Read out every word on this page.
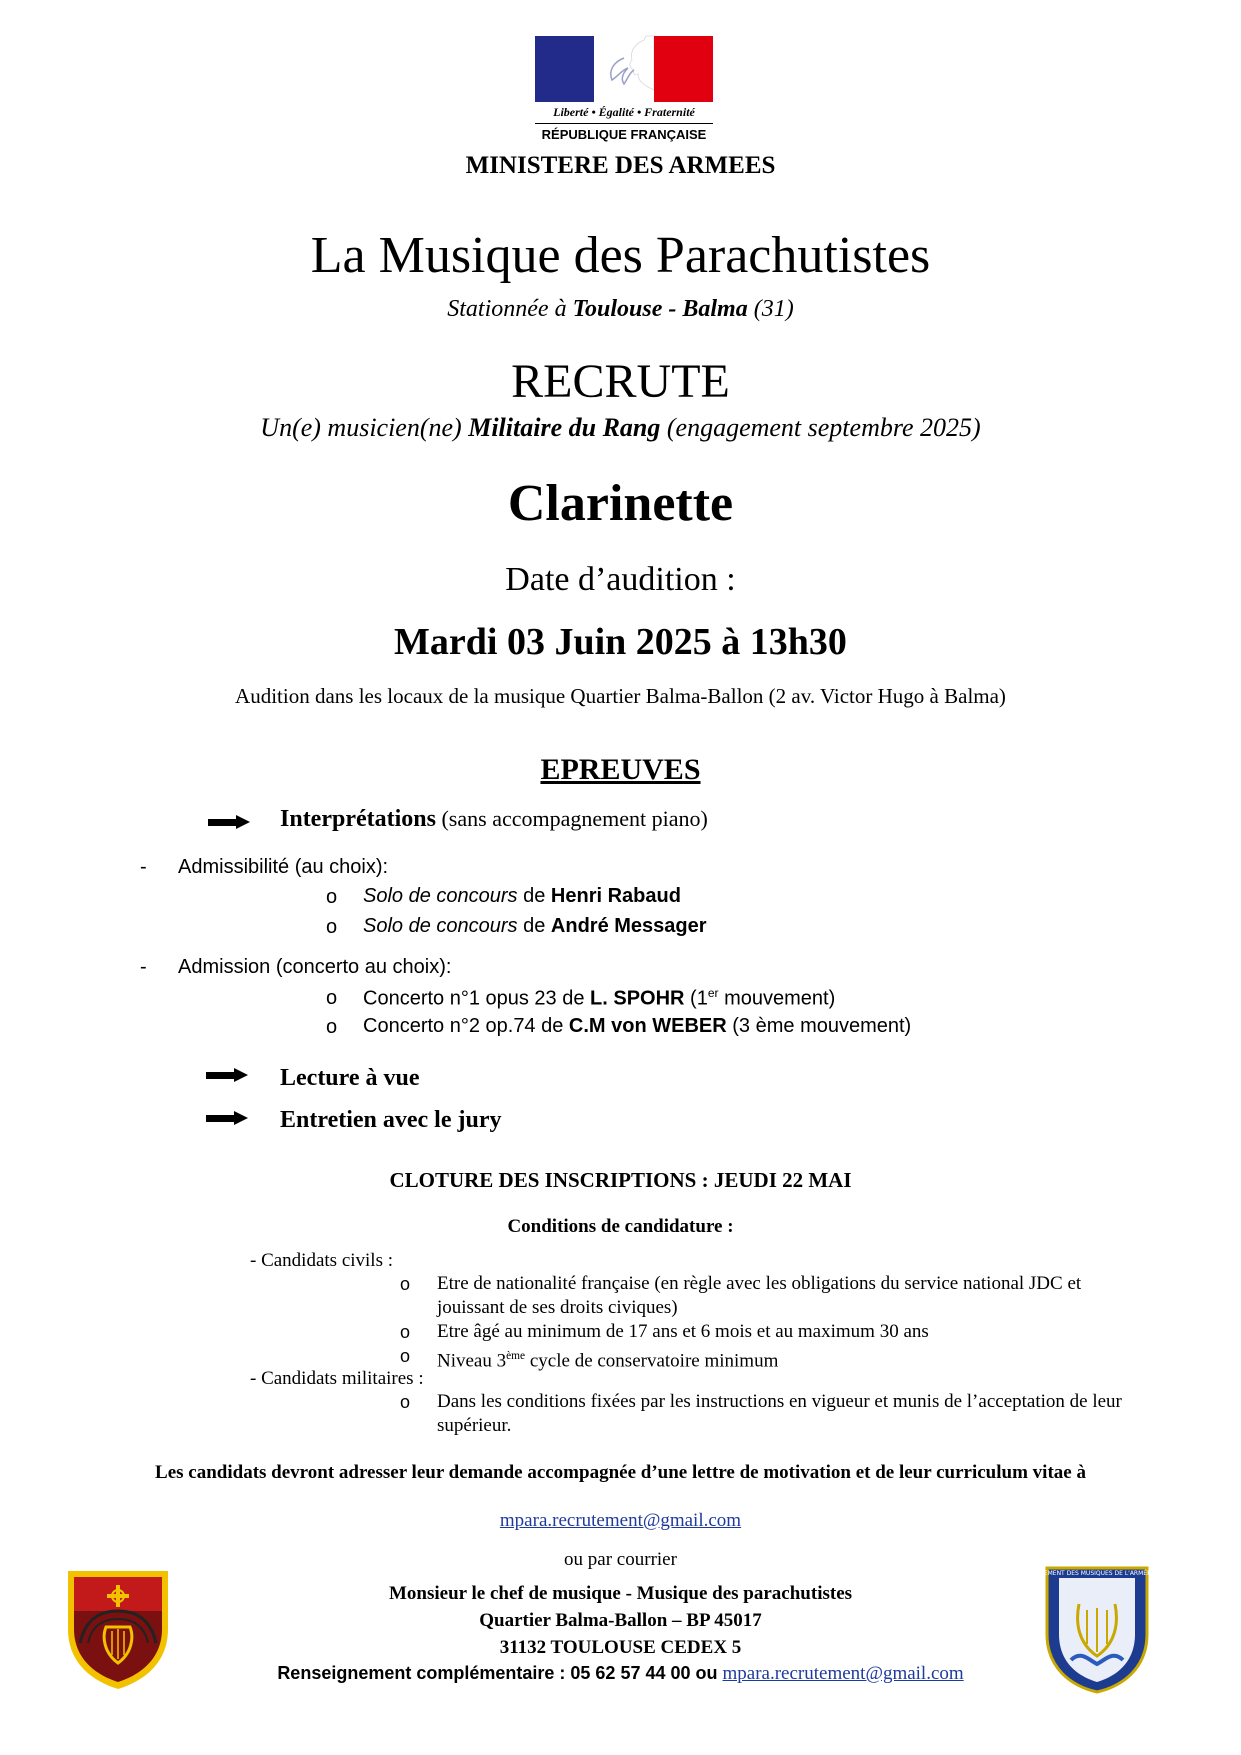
Liberté • Égalité • Fraternité
RÉPUBLIQUE FRANÇAISE
MINISTERE DES ARMEES
La Musique des Parachutistes
Stationnée à Toulouse - Balma (31)
RECRUTE
Un(e) musicien(ne) Militaire du Rang (engagement septembre 2025)
Clarinette
Date d’audition :
Mardi 03 Juin 2025 à 13h30
Audition dans les locaux de la musique Quartier Balma-Ballon (2 av. Victor Hugo à Balma)
EPREUVES
Interprétations (sans accompagnement piano)
- Admissibilité (au choix):
o Solo de concours de Henri Rabaud
o Solo de concours de André Messager
- Admission (concerto au choix):
o Concerto n°1 opus 23 de L. SPOHR (1er mouvement)
o Concerto n°2 op.74 de C.M von WEBER (3 ème mouvement)
Lecture à vue
Entretien avec le jury
CLOTURE DES INSCRIPTIONS : JEUDI 22 MAI
Conditions de candidature :
- Candidats civils :
o Etre de nationalité française (en règle avec les obligations du service national JDC et jouissant de ses droits civiques)
o Etre âgé au minimum de 17 ans et 6 mois et au maximum 30 ans
o Niveau 3ème cycle de conservatoire minimum
- Candidats militaires :
o Dans les conditions fixées par les instructions en vigueur et munis de l’acceptation de leur supérieur.
Les candidats devront adresser leur demande accompagnée d’une lettre de motivation et de leur curriculum vitae à
mpara.recrutement@gmail.com
ou par courrier
Monsieur le chef de musique - Musique des parachutistes
Quartier Balma-Ballon – BP 45017
31132 TOULOUSE CEDEX 5
Renseignement complémentaire : 05 62 57 44 00 ou mpara.recrutement@gmail.com
COMMANDEMENT DES MUSIQUES DE L'ARMÉE DE TERRE
